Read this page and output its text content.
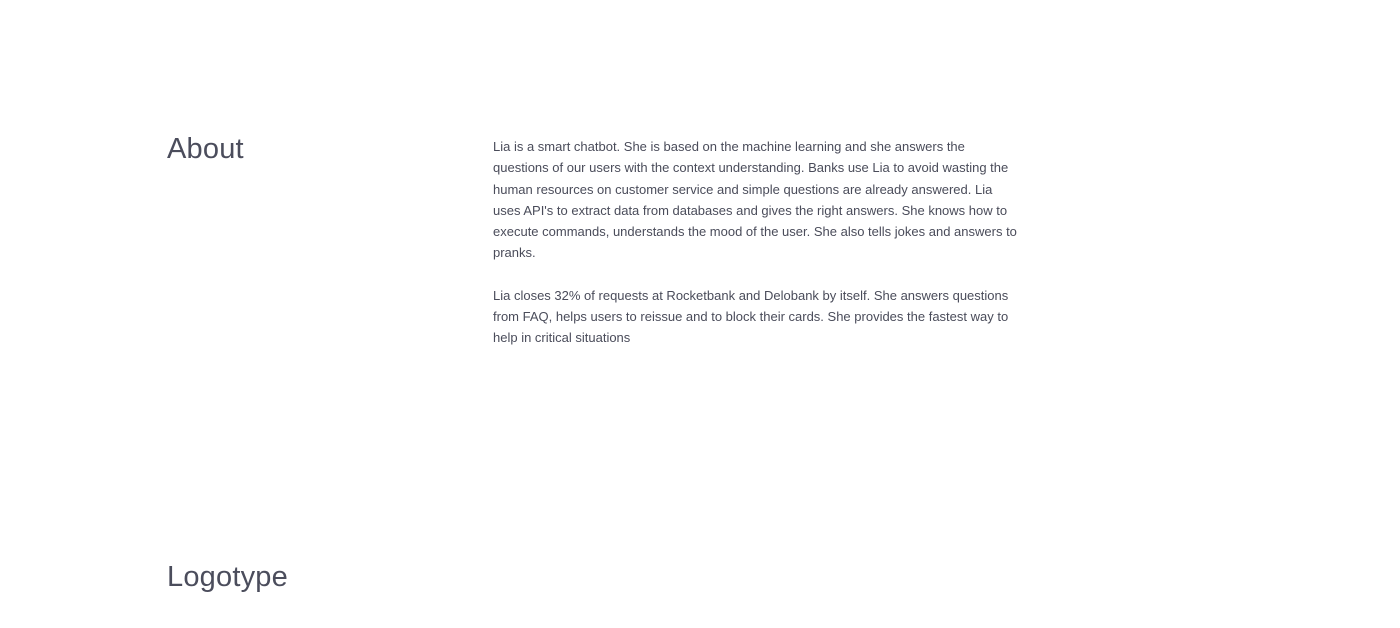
About	Lia is a smart chatbot. She is based on the machine learning and she answers the questions of our users with the context understanding. Banks use Lia to avoid wasting the human resources on customer service and simple questions are already answered. Lia uses API's to extract data from databases and gives the right answers. She knows how to execute commands, understands the mood of the user. She also tells jokes and answers to pranks.

Lia closes 32% of requests at Rocketbank and Delobank by itself. She answers questions from FAQ, helps users to reissue and to block their cards. She provides the fastest way to help in critical situations

Logotype
